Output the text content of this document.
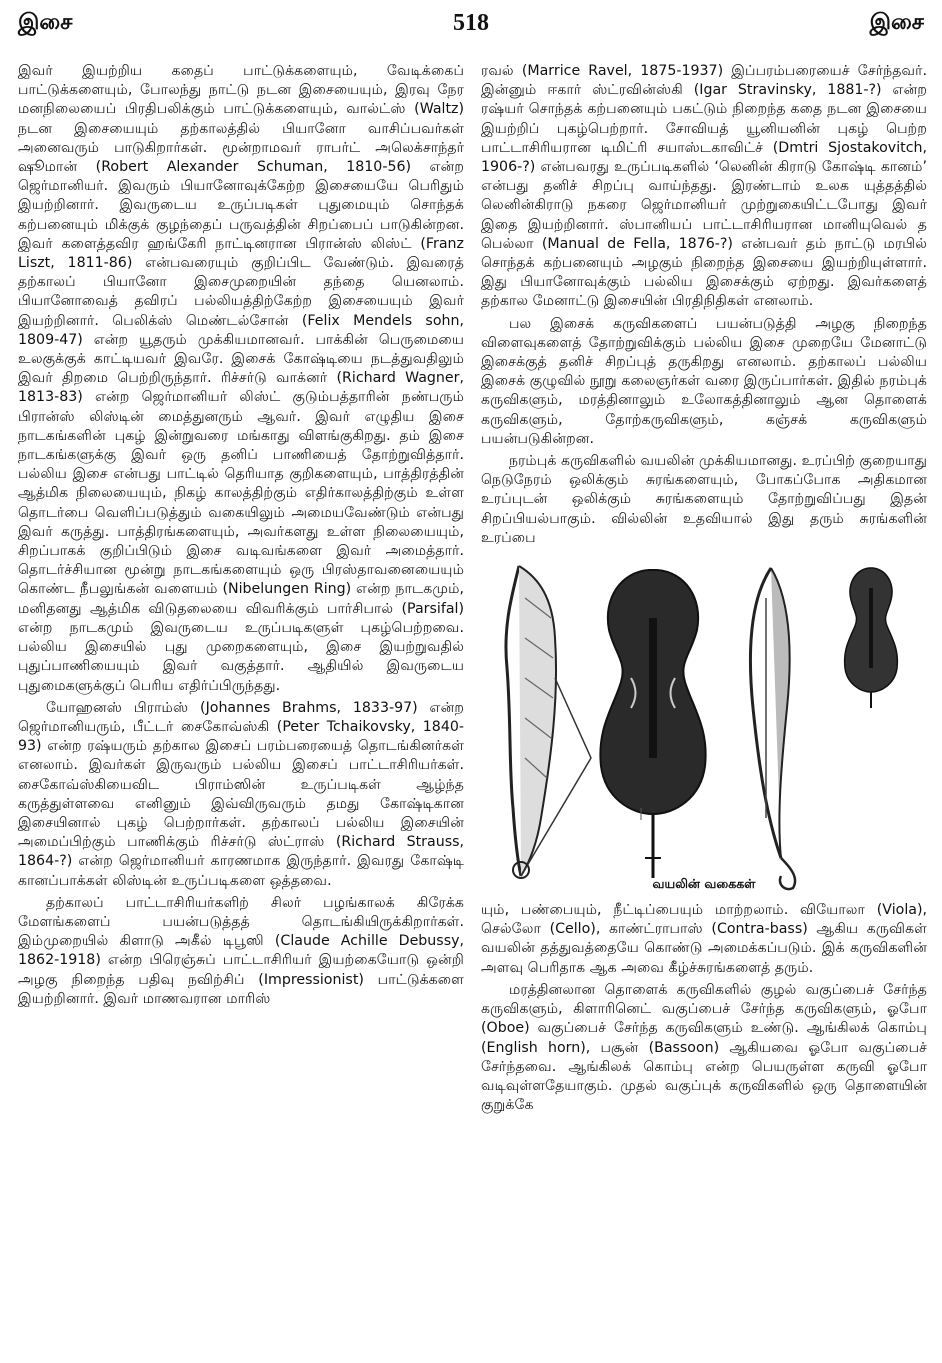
இசை	518	இசை

இவர் இயற்றிய கதைப் பாட்டுக்களையும், வேடிக்கைப் பாட்டுக்களையும், போலந்து நாட்டு நடன இசையையும், இரவு நேர மனநிலையைப் பிரதிபலிக்கும் பாட்டுக்களையும், வால்ட்ஸ் (Waltz) நடன இசையையும் தற்காலத்தில் பியானோ வாசிப்பவர்கள் அனைவரும் பாடுகிறார்கள். மூன்றாமவர் ராபர்ட் அலெக்சாந்தர் ஷூமான் (Robert Alexander Schuman, 1810-56) என்ற ஜெர்மானியர். இவரும் பியானோவுக்கேற்ற இசையையே பெரிதும் இயற்றினார். இவருடைய உருப்படிகள் புதுமையும் சொந்தக் கற்பனையும் மிக்குக் குழந்தைப் பருவத்தின் சிறப்பைப் பாடுகின்றன. இவர் களைத்தவிர ஹங்கேரி நாட்டினரான பிரான்ஸ் லிஸ்ட் (Franz Liszt, 1811-86) என்பவரையும் குறிப்பிட வேண்டும். இவரைத் தற்காலப் பியானோ இசைமுறையின் தந்தை யெனலாம். பியானோவைத் தவிரப் பல்லியத்திற்கேற்ற இசையையும் இவர் இயற்றினார். பெலிக்ஸ் மெண்டல்சோன் (Felix Mendels sohn, 1809-47) என்ற யூதரும் முக்கியமானவர். பாக்கின் பெருமையை உலகுக்குக் காட்டியவர் இவரே. இசைக் கோஷ்டியை நடத்துவதிலும் இவர் திறமை பெற்றிருந்தார். ரிச்சர்டு வாக்னர் (Richard Wagner, 1813-83) என்ற ஜெர்மானியர் லிஸ்ட் குடும்பத்தாரின் நண்பரும் பிரான்ஸ் லிஸ்டின் மைத்துனரும் ஆவர். இவர் எழுதிய இசை நாடகங்களின் புகழ் இன்றுவரை மங்காது விளங்குகிறது. தம் இசை நாடகங்களுக்கு இவர் ஒரு தனிப் பாணியைத் தோற்றுவித்தார். பல்லிய இசை என்பது பாட்டில் தெரியாத குறிகளையும், பாத்திரத்தின் ஆத்மிக நிலையையும், நிகழ் காலத்திற்கும் எதிர்காலத்திற்கும் உள்ள தொடர்பை வெளிப்படுத்தும் வகையிலும் அமையவேண்டும் என்பது இவர் கருத்து. பாத்திரங்களையும், அவர்களது உள்ள நிலையையும், சிறப்பாகக் குறிப்பிடும் இசை வடிவங்களை இவர் அமைத்தார். தொடர்ச்சியான மூன்று நாடகங்களையும் ஒரு பிரஸ்தாவனையையும் கொண்ட நீபலுங்கன் வளையம் (Nibelungen Ring) என்ற நாடகமும், மனிதனது ஆத்மிக விடுதலையை விவரிக்கும் பார்சிபால் (Parsifal) என்ற நாடகமும் இவருடைய உருப்படிகளுள் புகழ்பெற்றவை. பல்லிய இசையில் புது முறைகளையும், இசை இயற்றுவதில் புதுப்பாணியையும் இவர் வகுத்தார். ஆதியில் இவருடைய புதுமைகளுக்குப் பெரிய எதிர்ப்பிருந்தது.

யோஹனஸ் பிராம்ஸ் (Johannes Brahms, 1833-97) என்ற ஜெர்மானியரும், பீட்டர் சைகோவ்ஸ்கி (Peter Tchaikovsky, 1840-93) என்ற ரஷ்யரும் தற்கால இசைப் பரம்பரையைத் தொடங்கினர்கள் எனலாம். இவர்கள் இருவரும் பல்லிய இசைப் பாட்டாசிரியர்கள். சைகோவ்ஸ்கியைவிட பிராம்ஸின் உருப்படிகள் ஆழ்ந்த கருத்துள்ளவை எனினும் இவ்விருவரும் தமது கோஷ்டிகான இசையினால் புகழ் பெற்றார்கள். தற்காலப் பல்லிய இசையின் அமைப்பிற்கும் பாணிக்கும் ரிச்சர்டு ஸ்ட்ராஸ் (Richard Strauss, 1864-?) என்ற ஜெர்மானியர் காரணமாக இருந்தார். இவரது கோஷ்டி கானப்பாக்கள் லிஸ்டின் உருப்படிகளை ஒத்தவை.

தற்காலப் பாட்டாசிரியர்களிற் சிலர் பழங்காலக் கிரேக்க மேளங்களைப் பயன்படுத்தத் தொடங்கியிருக்கிறார்கள். இம்முறையில் கிளாடு அகீல் டிபூஸி (Claude Achille Debussy, 1862-1918) என்ற பிரெஞ்சுப் பாட்டாசிரியர் இயற்கையோடு ஒன்றி அழகு நிறைந்த பதிவு நவிற்சிப் (Impressionist) பாட்டுக்களை இயற்றினார். இவர் மாணவரான மாரிஸ்

ரவல் (Marrice Ravel, 1875-1937) இப்பரம்பரையைச் சேர்ந்தவர். இன்னும் ஈகார் ஸ்ட்ரவின்ஸ்கி (Igar Stravinsky, 1881-?) என்ற ரஷ்யர் சொந்தக் கற்பனையும் பகட்டும் நிறைந்த கதை நடன இசையை இயற்றிப் புகழ்பெற்றார். சோவியத் யூனியனின் புகழ் பெற்ற பாட்டாசிரியரான டிமிட்ரி சயாஸ்டகாவிட்ச் (Dmtri Sjostakovitch, 1906-?) என்பவரது உருப்படிகளில் ‘லெனின் கிராடு கோஷ்டி கானம்’ என்பது தனிச் சிறப்பு வாய்ந்தது. இரண்டாம் உலக யுத்தத்தில் லெனின்கிராடு நகரை ஜெர்மானியர் முற்றுகையிட்டபோது இவர் இதை இயற்றினார். ஸ்பானியப் பாட்டாசிரியரான மானியுவெல் த பெல்லா (Manual de Fella, 1876-?) என்பவர் தம் நாட்டு மரபில் சொந்தக் கற்பனையும் அழகும் நிறைந்த இசையை இயற்றியுள்ளார். இது பியானோவுக்கும் பல்லிய இசைக்கும் ஏற்றது. இவர்களைத் தற்கால மேனாட்டு இசையின் பிரதிநிதிகள் எனலாம்.

பல இசைக் கருவிகளைப் பயன்படுத்தி அழகு நிறைந்த விளைவுகளைத் தோற்றுவிக்கும் பல்லிய இசை முறையே மேனாட்டு இசைக்குத் தனிச் சிறப்புத் தருகிறது எனலாம். தற்காலப் பல்லிய இசைக் குழுவில் நூறு கலைஞர்கள் வரை இருப்பார்கள். இதில் நரம்புக் கருவிகளும், மரத்தினாலும் உலோகத்தினாலும் ஆன தொளைக் கருவிகளும், தோற்கருவிகளும், கஞ்சக் கருவிகளும் பயன்படுகின்றன.

நரம்புக் கருவிகளில் வயலின் முக்கியமானது. உரப்பிற் குறையாது நெடுநேரம் ஒலிக்கும் சுரங்களையும், போகப்போக அதிகமான உரப்புடன் ஒலிக்கும் சுரங்களையும் தோற்றுவிப்பது இதன் சிறப்பியல்பாகும். வில்லின் உதவியால் இது தரும் சுரங்களின் உரப்பை

வயலின் வகைகள்

யும், பண்பையும், நீட்டிப்பையும் மாற்றலாம். வியோலா (Viola), செல்லோ (Cello), காண்ட்ராபாஸ் (Contra-bass) ஆகிய கருவிகள் வயலின் தத்துவத்தையே கொண்டு அமைக்கப்படும். இக் கருவிகளின் அளவு பெரிதாக ஆக அவை கீழ்ச்சுரங்களைத் தரும்.

மரத்தினலான தொளைக் கருவிகளில் குழல் வகுப்பைச் சேர்ந்த கருவிகளும், கிளாரினெட் வகுப்பைச் சேர்ந்த கருவிகளும், ஓபோ (Oboe) வகுப்பைச் சேர்ந்த கருவிகளும் உண்டு. ஆங்கிலக் கொம்பு (English horn), பசூன் (Bassoon) ஆகியவை ஓபோ வகுப்பைச் சேர்ந்தவை. ஆங்கிலக் கொம்பு என்ற பெயருள்ள கருவி ஓபோ வடிவுள்ளதேயாகும். முதல் வகுப்புக் கருவிகளில் ஒரு தொளையின் குறுக்கே
